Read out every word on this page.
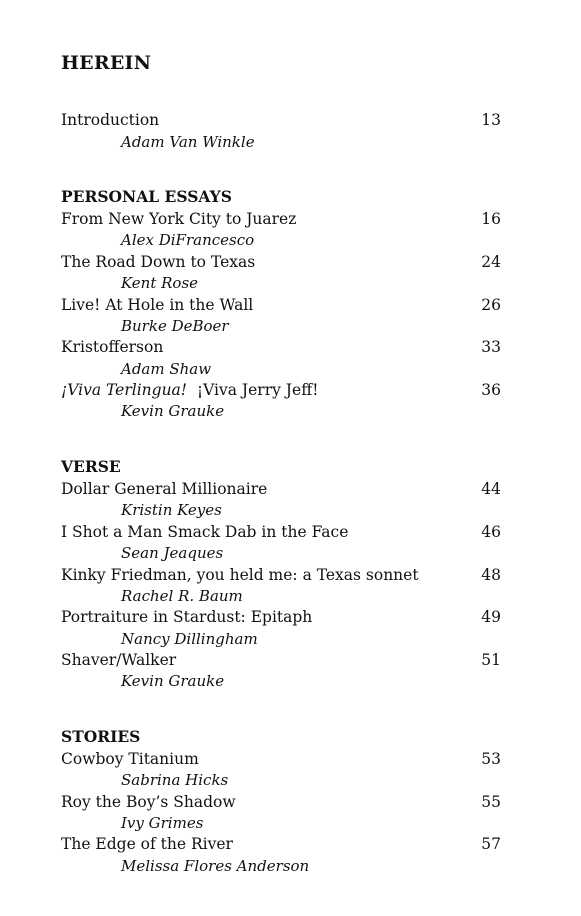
HEREIN
Introduction	13
Adam Van Winkle
PERSONAL ESSAYS
From New York City to Juarez	16
Alex DiFrancesco
The Road Down to Texas	24
Kent Rose
Live! At Hole in the Wall	26
Burke DeBoer
Kristofferson	33
Adam Shaw
¡Viva Terlingua! ¡Viva Jerry Jeff!	36
Kevin Grauke
VERSE
Dollar General Millionaire	44
Kristin Keyes
I Shot a Man Smack Dab in the Face	46
Sean Jeaques
Kinky Friedman, you held me: a Texas sonnet	48
Rachel R. Baum
Portraiture in Stardust: Epitaph	49
Nancy Dillingham
Shaver/Walker	51
Kevin Grauke
STORIES
Cowboy Titanium	53
Sabrina Hicks
Roy the Boy’s Shadow	55
Ivy Grimes
The Edge of the River	57
Melissa Flores Anderson
